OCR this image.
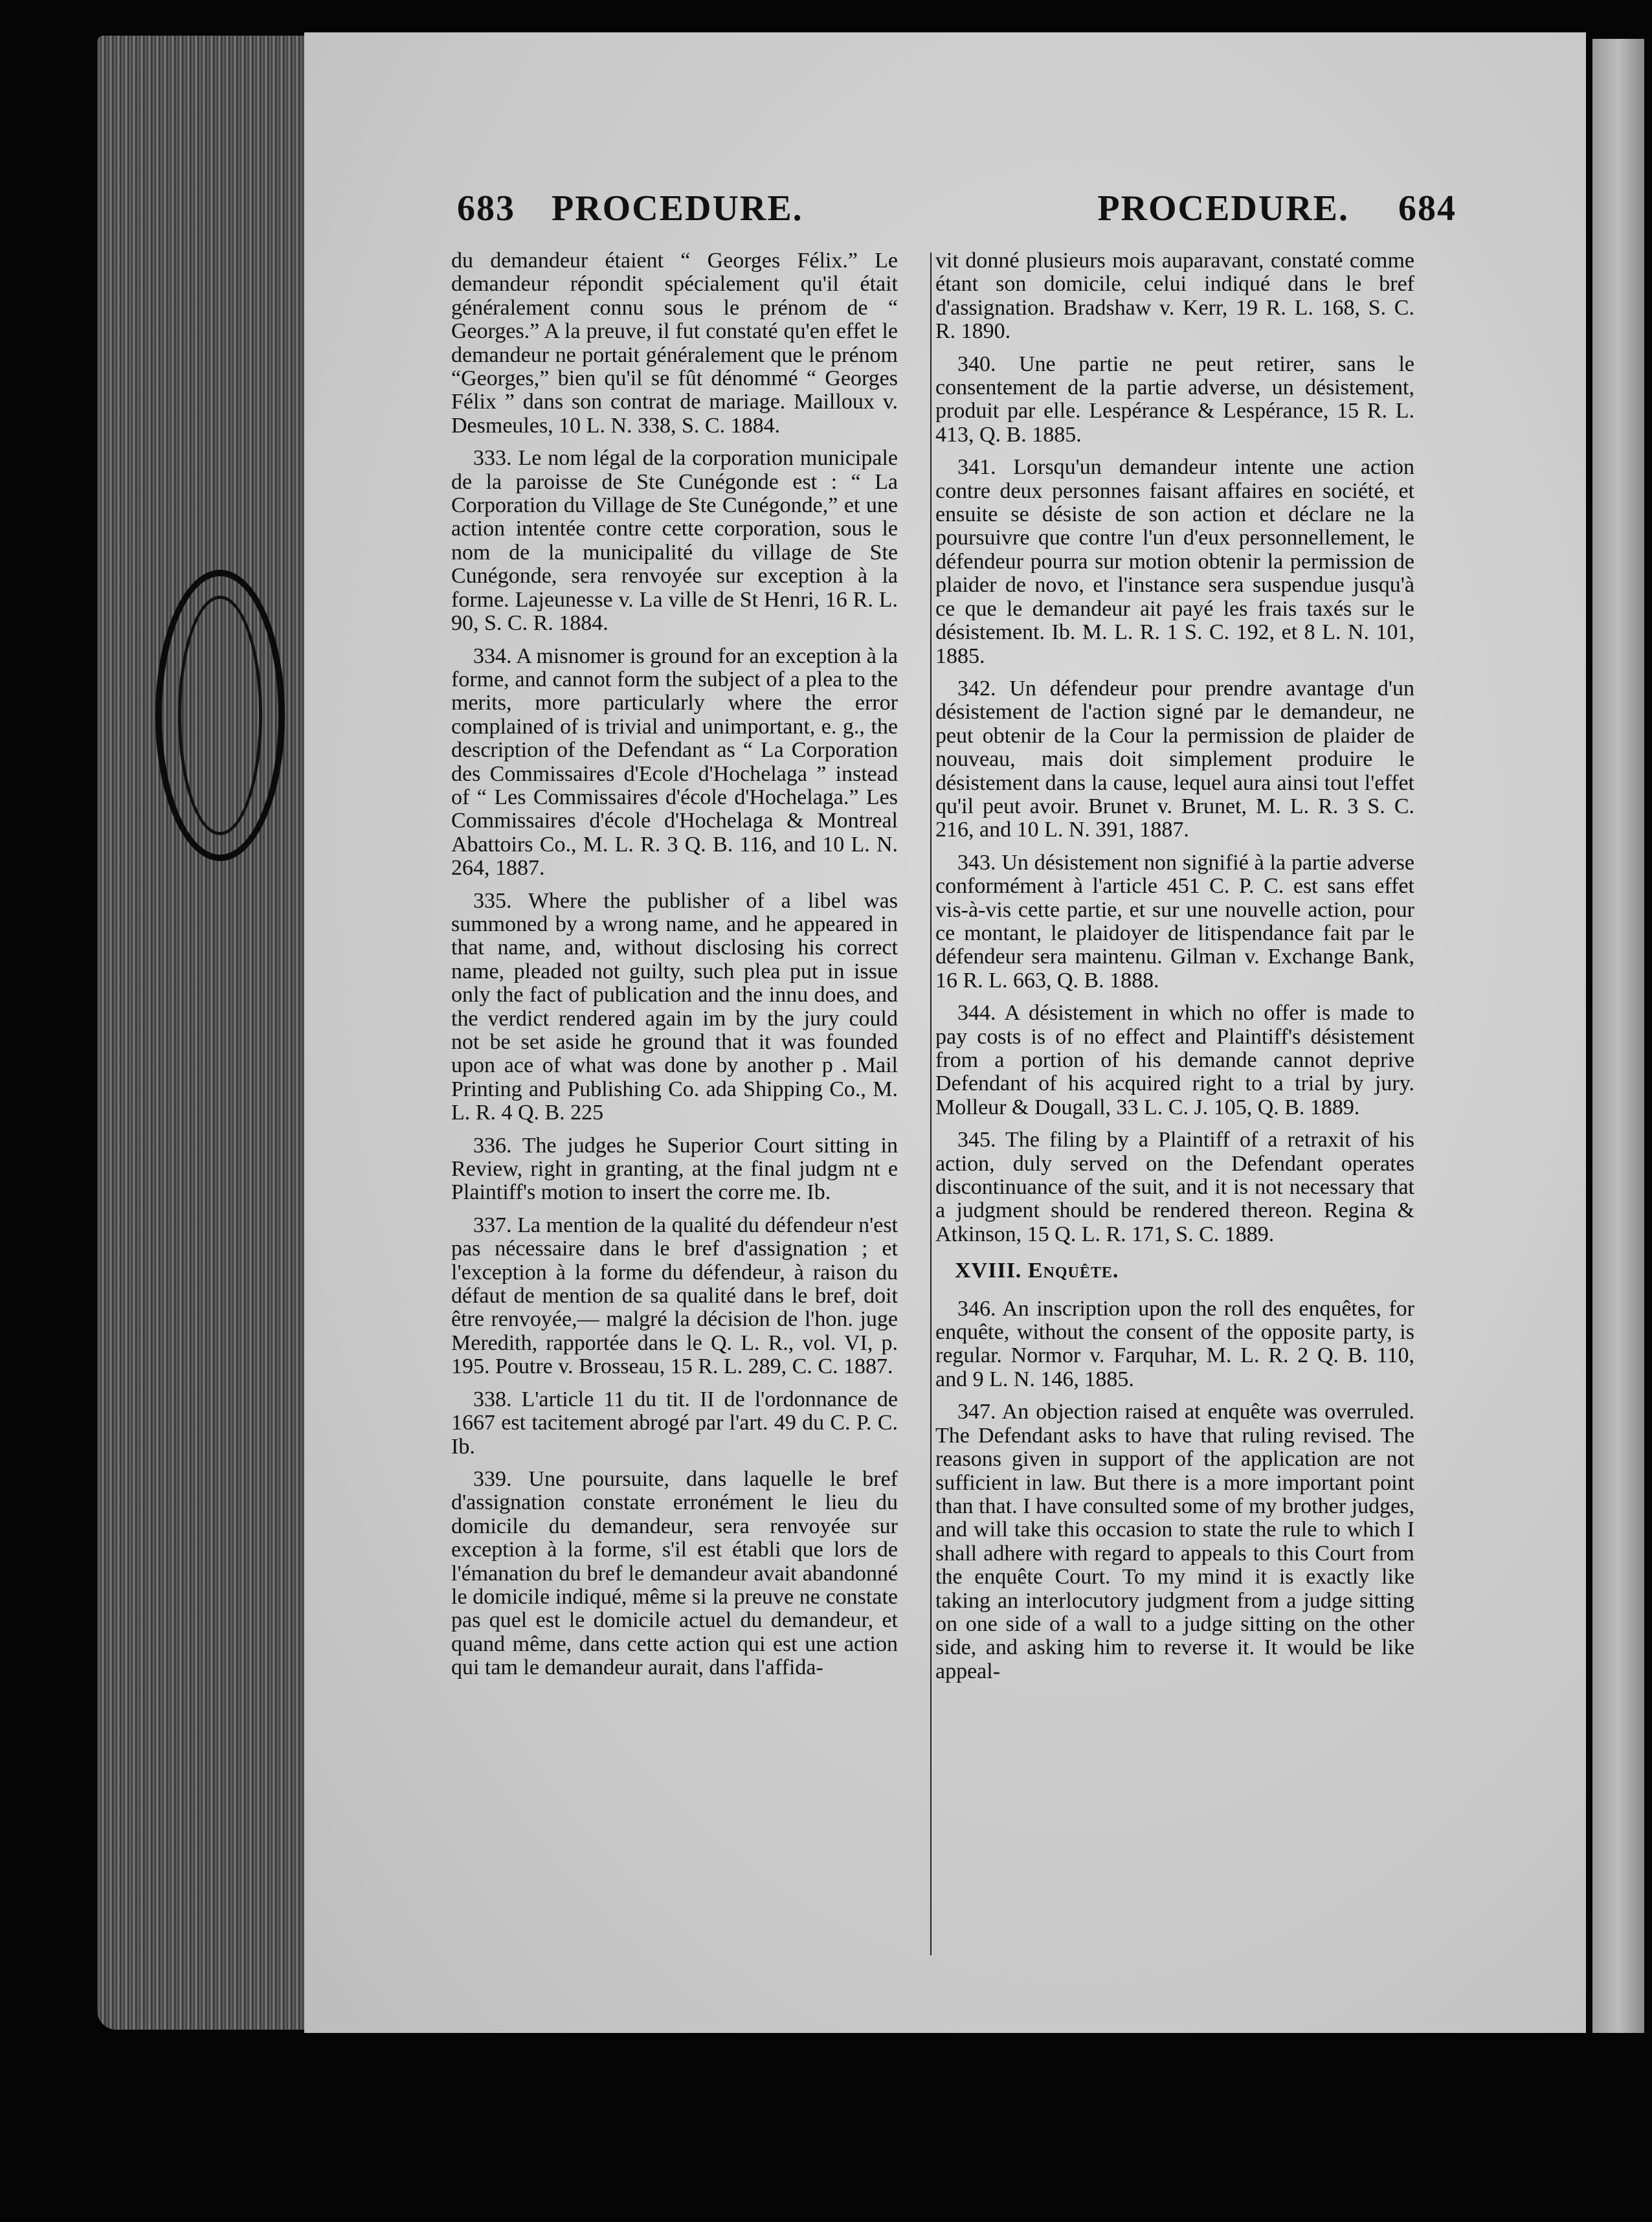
683 PROCEDURE.	PROCEDURE. 684

du demandeur étaient “ Georges Félix.” Le demandeur répondit spécialement qu'il était généralement connu sous le prénom de “ Georges.” A la preuve, il fut constaté qu'en effet le demandeur ne portait généralement que le prénom “Georges,” bien qu'il se fût dénommé “ Georges Félix ” dans son contrat de mariage. Mailloux v. Desmeules, 10 L. N. 338, S. C. 1884.

333. Le nom légal de la corporation municipale de la paroisse de Ste Cunégonde est : “ La Corporation du Village de Ste Cunégonde,” et une action intentée contre cette corporation, sous le nom de la municipalité du village de Ste Cunégonde, sera renvoyée sur exception à la forme. Lajeunesse v. La ville de St Henri, 16 R. L. 90, S. C. R. 1884.

334. A misnomer is ground for an exception à la forme, and cannot form the subject of a plea to the merits, more particularly where the error complained of is trivial and unimportant, e. g., the description of the Defendant as “ La Corporation des Commissaires d'Ecole d'Hochelaga ” instead of “ Les Commissaires d'école d'Hochelaga.” Les Commissaires d'école d'Hochelaga & Montreal Abattoirs Co., M. L. R. 3 Q. B. 116, and 10 L. N. 264, 1887.

335. Where the publisher of a libel was summoned by a wrong name, and he appeared in that name, and, without disclosing his correct name, pleaded not guilty, such plea put in issue only the fact of publication and the innu does, and the verdict rendered again im by the jury could not be set aside he ground that it was founded upon ace of what was done by another p . Mail Printing and Publishing Co. ada Shipping Co., M. L. R. 4 Q. B. 225

336. The judges he Superior Court sitting in Review, right in granting, at the final judgm nt e Plaintiff's motion to insert the corre me. Ib.

337. La mention de la qualité du défendeur n'est pas nécessaire dans le bref d'assignation ; et l'exception à la forme du défendeur, à raison du défaut de mention de sa qualité dans le bref, doit être renvoyée,— malgré la décision de l'hon. juge Meredith, rapportée dans le Q. L. R., vol. VI, p. 195. Poutre v. Brosseau, 15 R. L. 289, C. C. 1887.

338. L'article 11 du tit. II de l'ordonnance de 1667 est tacitement abrogé par l'art. 49 du C. P. C. Ib.

339. Une poursuite, dans laquelle le bref d'assignation constate erronément le lieu du domicile du demandeur, sera renvoyée sur exception à la forme, s'il est établi que lors de l'émanation du bref le demandeur avait abandonné le domicile indiqué, même si la preuve ne constate pas quel est le domicile actuel du demandeur, et quand même, dans cette action qui est une action qui tam le demandeur aurait, dans l'affida-

vit donné plusieurs mois auparavant, constaté comme étant son domicile, celui indiqué dans le bref d'assignation. Bradshaw v. Kerr, 19 R. L. 168, S. C. R. 1890.

340. Une partie ne peut retirer, sans le consentement de la partie adverse, un désistement, produit par elle. Lespérance & Lespérance, 15 R. L. 413, Q. B. 1885.

341. Lorsqu'un demandeur intente une action contre deux personnes faisant affaires en société, et ensuite se désiste de son action et déclare ne la poursuivre que contre l'un d'eux personnellement, le défendeur pourra sur motion obtenir la permission de plaider de novo, et l'instance sera suspendue jusqu'à ce que le demandeur ait payé les frais taxés sur le désistement. Ib. M. L. R. 1 S. C. 192, et 8 L. N. 101, 1885.

342. Un défendeur pour prendre avantage d'un désistement de l'action signé par le demandeur, ne peut obtenir de la Cour la permission de plaider de nouveau, mais doit simplement produire le désistement dans la cause, lequel aura ainsi tout l'effet qu'il peut avoir. Brunet v. Brunet, M. L. R. 3 S. C. 216, and 10 L. N. 391, 1887.

343. Un désistement non signifié à la partie adverse conformément à l'article 451 C. P. C. est sans effet vis-à-vis cette partie, et sur une nouvelle action, pour ce montant, le plaidoyer de litispendance fait par le défendeur sera maintenu. Gilman v. Exchange Bank, 16 R. L. 663, Q. B. 1888.

344. A désistement in which no offer is made to pay costs is of no effect and Plaintiff's désistement from a portion of his demande cannot deprive Defendant of his acquired right to a trial by jury. Molleur & Dougall, 33 L. C. J. 105, Q. B. 1889.

345. The filing by a Plaintiff of a retraxit of his action, duly served on the Defendant operates discontinuance of the suit, and it is not necessary that a judgment should be rendered thereon. Regina & Atkinson, 15 Q. L. R. 171, S. C. 1889.

XVIII. Enquête.

346. An inscription upon the roll des enquêtes, for enquête, without the consent of the opposite party, is regular. Normor v. Farquhar, M. L. R. 2 Q. B. 110, and 9 L. N. 146, 1885.

347. An objection raised at enquête was overruled. The Defendant asks to have that ruling revised. The reasons given in support of the application are not sufficient in law. But there is a more important point than that. I have consulted some of my brother judges, and will take this occasion to state the rule to which I shall adhere with regard to appeals to this Court from the enquête Court. To my mind it is exactly like taking an interlocutory judgment from a judge sitting on one side of a wall to a judge sitting on the other side, and asking him to reverse it. It would be like appeal-
